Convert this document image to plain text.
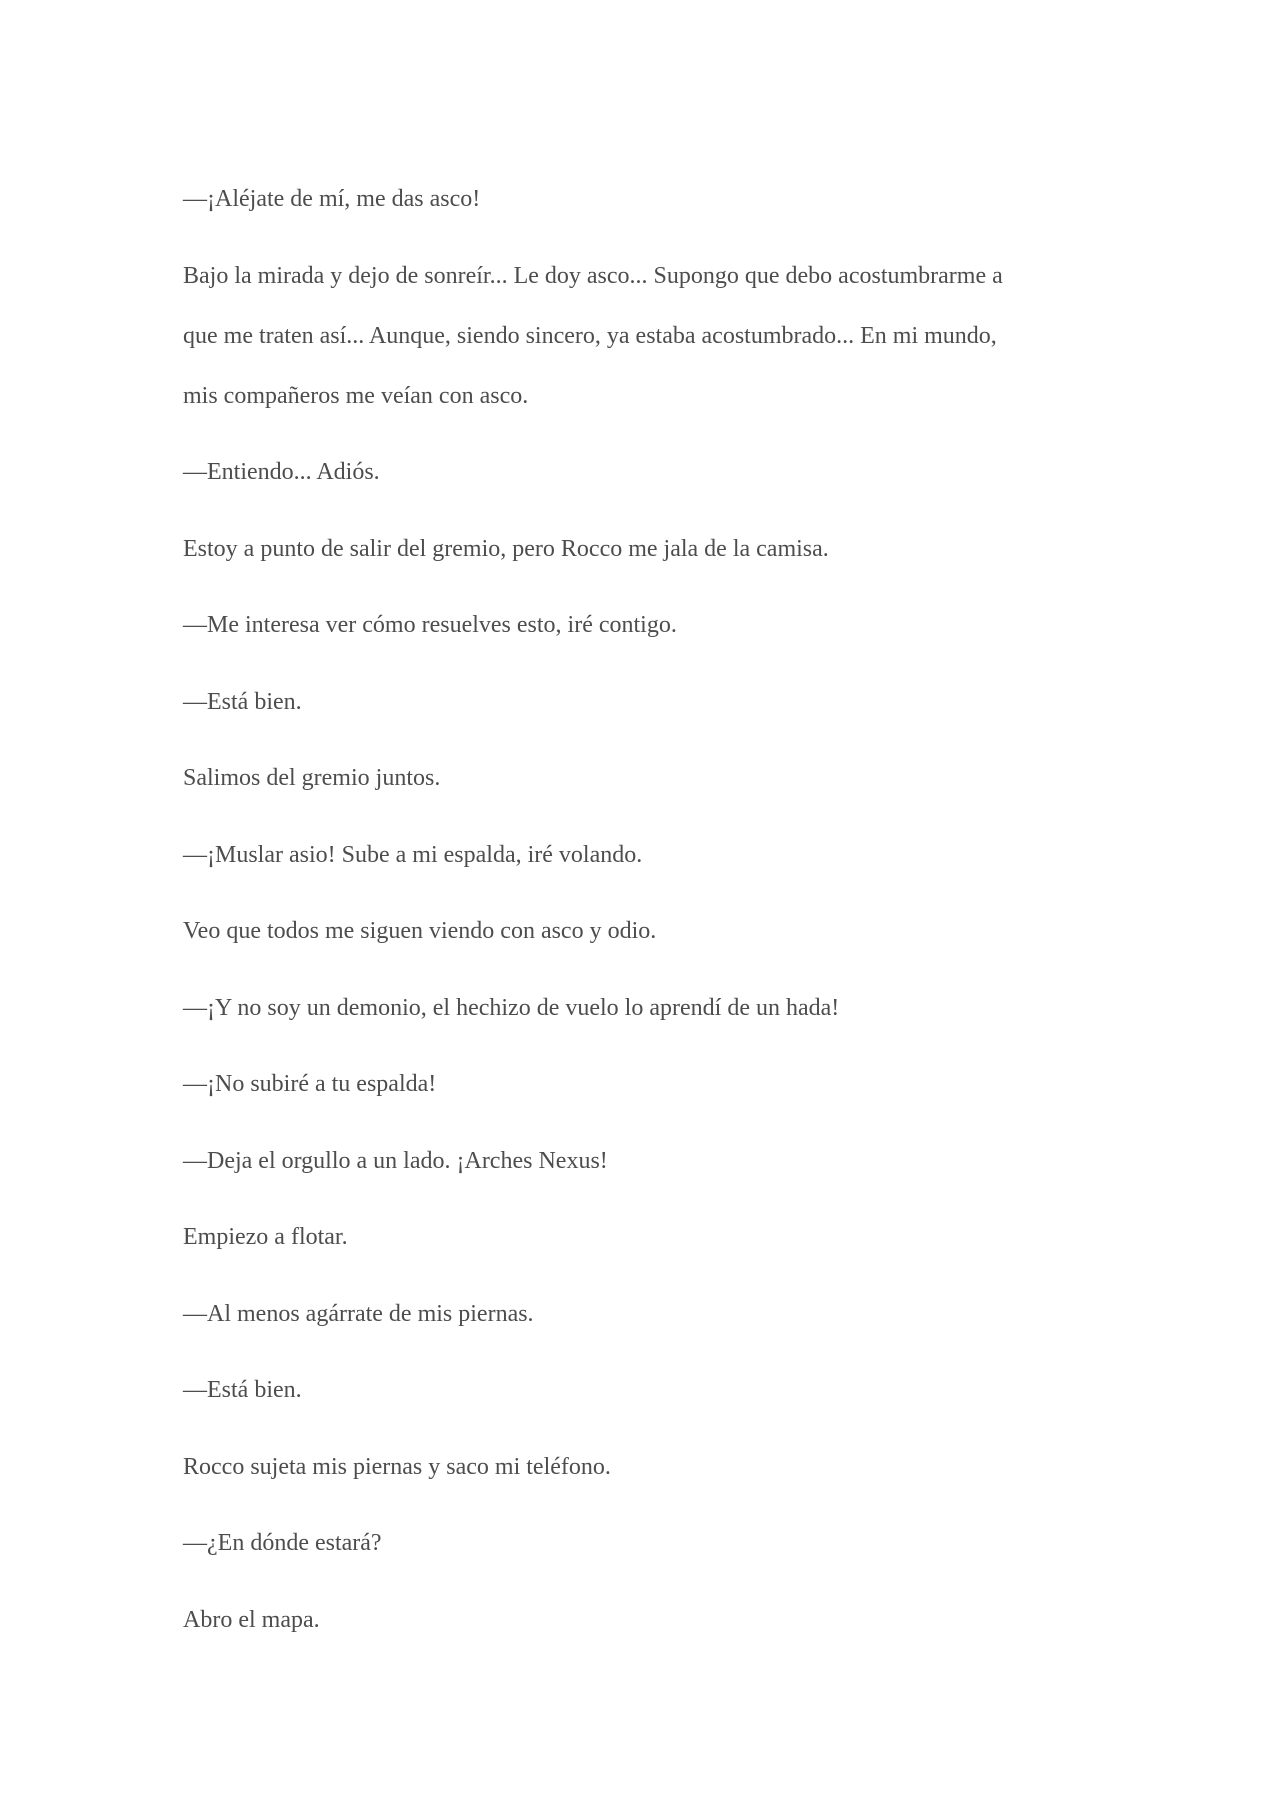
—¡Aléjate de mí, me das asco!

Bajo la mirada y dejo de sonreír... Le doy asco... Supongo que debo acostumbrarme a
que me traten así... Aunque, siendo sincero, ya estaba acostumbrado... En mi mundo,
mis compañeros me veían con asco.

—Entiendo... Adiós.

Estoy a punto de salir del gremio, pero Rocco me jala de la camisa.

—Me interesa ver cómo resuelves esto, iré contigo.

—Está bien.

Salimos del gremio juntos.

—¡Muslar asio! Sube a mi espalda, iré volando.

Veo que todos me siguen viendo con asco y odio.

—¡Y no soy un demonio, el hechizo de vuelo lo aprendí de un hada!

—¡No subiré a tu espalda!

—Deja el orgullo a un lado. ¡Arches Nexus!

Empiezo a flotar.

—Al menos agárrate de mis piernas.

—Está bien.

Rocco sujeta mis piernas y saco mi teléfono.

—¿En dónde estará?

Abro el mapa.
